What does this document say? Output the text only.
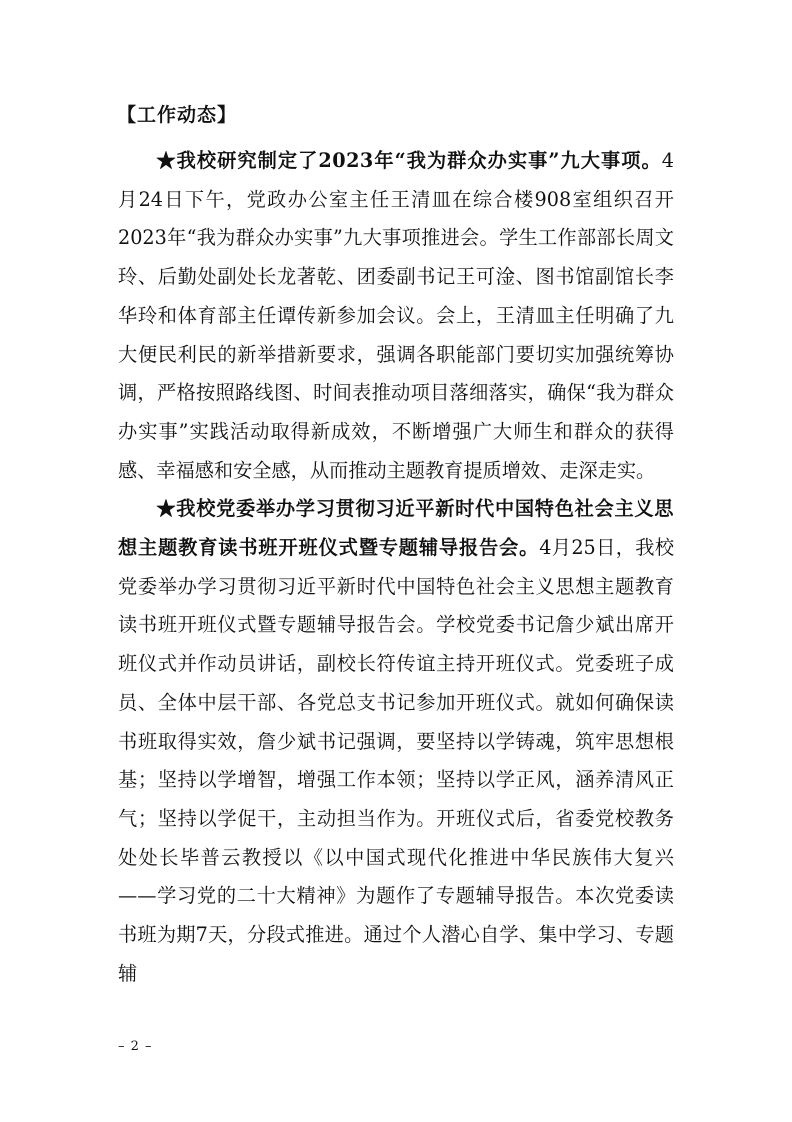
【工作动态】

★我校研究制定了2023年“我为群众办实事”九大事项。4月24日下午，党政办公室主任王清皿在综合楼908室组织召开2023年“我为群众办实事”九大事项推进会。学生工作部部长周文玲、后勤处副处长龙著乾、团委副书记王可淦、图书馆副馆长李华玲和体育部主任谭传新参加会议。会上，王清皿主任明确了九大便民利民的新举措新要求，强调各职能部门要切实加强统筹协调，严格按照路线图、时间表推动项目落细落实，确保“我为群众办实事”实践活动取得新成效，不断增强广大师生和群众的获得感、幸福感和安全感，从而推动主题教育提质增效、走深走实。

★我校党委举办学习贯彻习近平新时代中国特色社会主义思想主题教育读书班开班仪式暨专题辅导报告会。4月25日，我校党委举办学习贯彻习近平新时代中国特色社会主义思想主题教育读书班开班仪式暨专题辅导报告会。学校党委书记詹少斌出席开班仪式并作动员讲话，副校长符传谊主持开班仪式。党委班子成员、全体中层干部、各党总支书记参加开班仪式。就如何确保读书班取得实效，詹少斌书记强调，要坚持以学铸魂，筑牢思想根基；坚持以学增智，增强工作本领；坚持以学正风，涵养清风正气；坚持以学促干，主动担当作为。开班仪式后，省委党校教务处处长毕普云教授以《以中国式现代化推进中华民族伟大复兴——学习党的二十大精神》为题作了专题辅导报告。本次党委读书班为期7天，分段式推进。通过个人潜心自学、集中学习、专题辅

– 2 –
